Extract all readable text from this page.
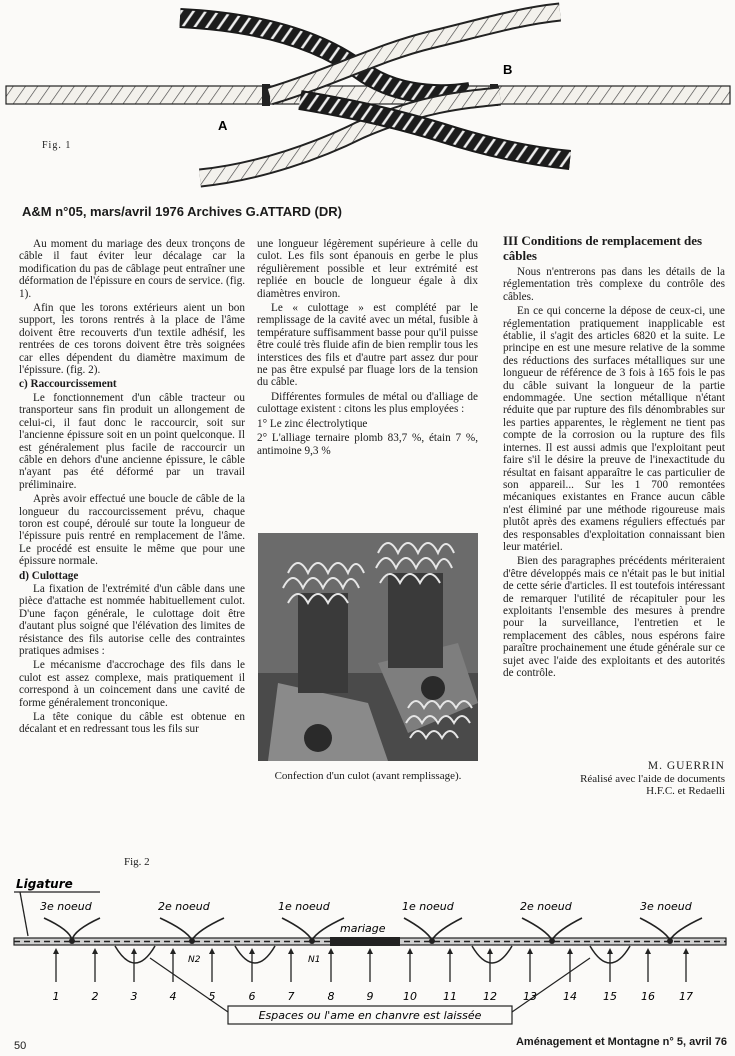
A
B
Fig. 1
A&M n°05, mars/avril 1976 Archives G.ATTARD (DR)

Au moment du mariage des deux tronçons de câble il faut éviter leur décalage car la modification du pas de câblage peut entraîner une déformation de l'épissure en cours de service. (fig. 1).

Afin que les torons extérieurs aient un bon support, les torons rentrés à la place de l'âme doivent être recouverts d'un textile adhésif, les rentrées de ces torons doivent être très soignées car elles dépendent du diamètre maximum de l'épissure. (fig. 2).

c) Raccourcissement

Le fonctionnement d'un câble tracteur ou transporteur sans fin produit un allongement de celui-ci, il faut donc le raccourcir, soit sur l'ancienne épissure soit en un point quelconque. Il est généralement plus facile de raccourcir un câble en dehors d'une ancienne épissure, le câble n'ayant pas été déformé par un travail préliminaire.

Après avoir effectué une boucle de câble de la longueur du raccourcissement prévu, chaque toron est coupé, déroulé sur toute la longueur de l'épissure puis rentré en remplacement de l'âme. Le procédé est ensuite le même que pour une épissure normale.

d) Culottage

La fixation de l'extrémité d'un câble dans une pièce d'attache est nommée habituellement culot. D'une façon générale, le culottage doit être d'autant plus soigné que l'élévation des limites de résistance des fils autorise celle des contraintes pratiques admises :

Le mécanisme d'accrochage des fils dans le culot est assez complexe, mais pratiquement il correspond à un coincement dans une cavité de forme généralement tronconique.

La tête conique du câble est obtenue en décalant et en redressant tous les fils sur

une longueur légèrement supérieure à celle du culot. Les fils sont épanouis en gerbe le plus régulièrement possible et leur extrémité est repliée en boucle de longueur égale à dix diamètres environ.

Le « culottage » est complété par le remplissage de la cavité avec un métal, fusible à température suffisamment basse pour qu'il puisse être coulé très fluide afin de bien remplir tous les interstices des fils et d'autre part assez dur pour ne pas être expulsé par fluage lors de la tension du câble.

Différentes formules de métal ou d'alliage de culottage existent : citons les plus employées :

1° Le zinc électrolytique

2° L'alliage ternaire plomb 83,7 %, étain 7 %, antimoine 9,3 %

Confection d'un culot (avant remplissage).
III Conditions de remplacement des câbles

Nous n'entrerons pas dans les détails de la réglementation très complexe du contrôle des câbles.

En ce qui concerne la dépose de ceux-ci, une réglementation pratiquement inapplicable est établie, il s'agit des articles 6820 et la suite. Le principe en est une mesure relative de la somme des réductions des surfaces métalliques sur une longueur de référence de 3 fois à 165 fois le pas du câble suivant la longueur de la partie endommagée. Une section métallique n'étant réduite que par rupture des fils dénombrables sur les parties apparentes, le règlement ne tient pas compte de la corrosion ou la rupture des fils internes. Il est aussi admis que l'exploitant peut faire s'il le désire la preuve de l'inexactitude du résultat en faisant apparaître le cas particulier de son appareil... Sur les 1 700 remontées mécaniques existantes en France aucun câble n'est éliminé par une méthode rigoureuse mais plutôt après des examens réguliers effectués par des responsables d'exploitation connaissant bien leur matériel.

Bien des paragraphes précédents mériteraient d'être développés mais ce n'était pas le but initial de cette série d'articles. Il est toutefois intéressant de remarquer l'utilité de récapituler pour les exploitants l'ensemble des mesures à prendre pour la surveillance, l'entretien et le remplacement des câbles, nous espérons faire paraître prochainement une étude générale sur ce sujet avec l'aide des exploitants et des autorités de contrôle.

M. GUERRIN
Réalisé avec l'aide de documents
H.F.C. et Redaelli
Fig. 2
Ligature
3e noeud	2e noeud	1e noeud	1e noeud	2e noeud	3e noeud
mariage
N2	N1
1	2	3	4	5	6	7	8	9	10 11 12 13 14 15 16 17
Espaces ou l'ame en chanvre est laissée
50	Aménagement et Montagne n° 5, avril 76
